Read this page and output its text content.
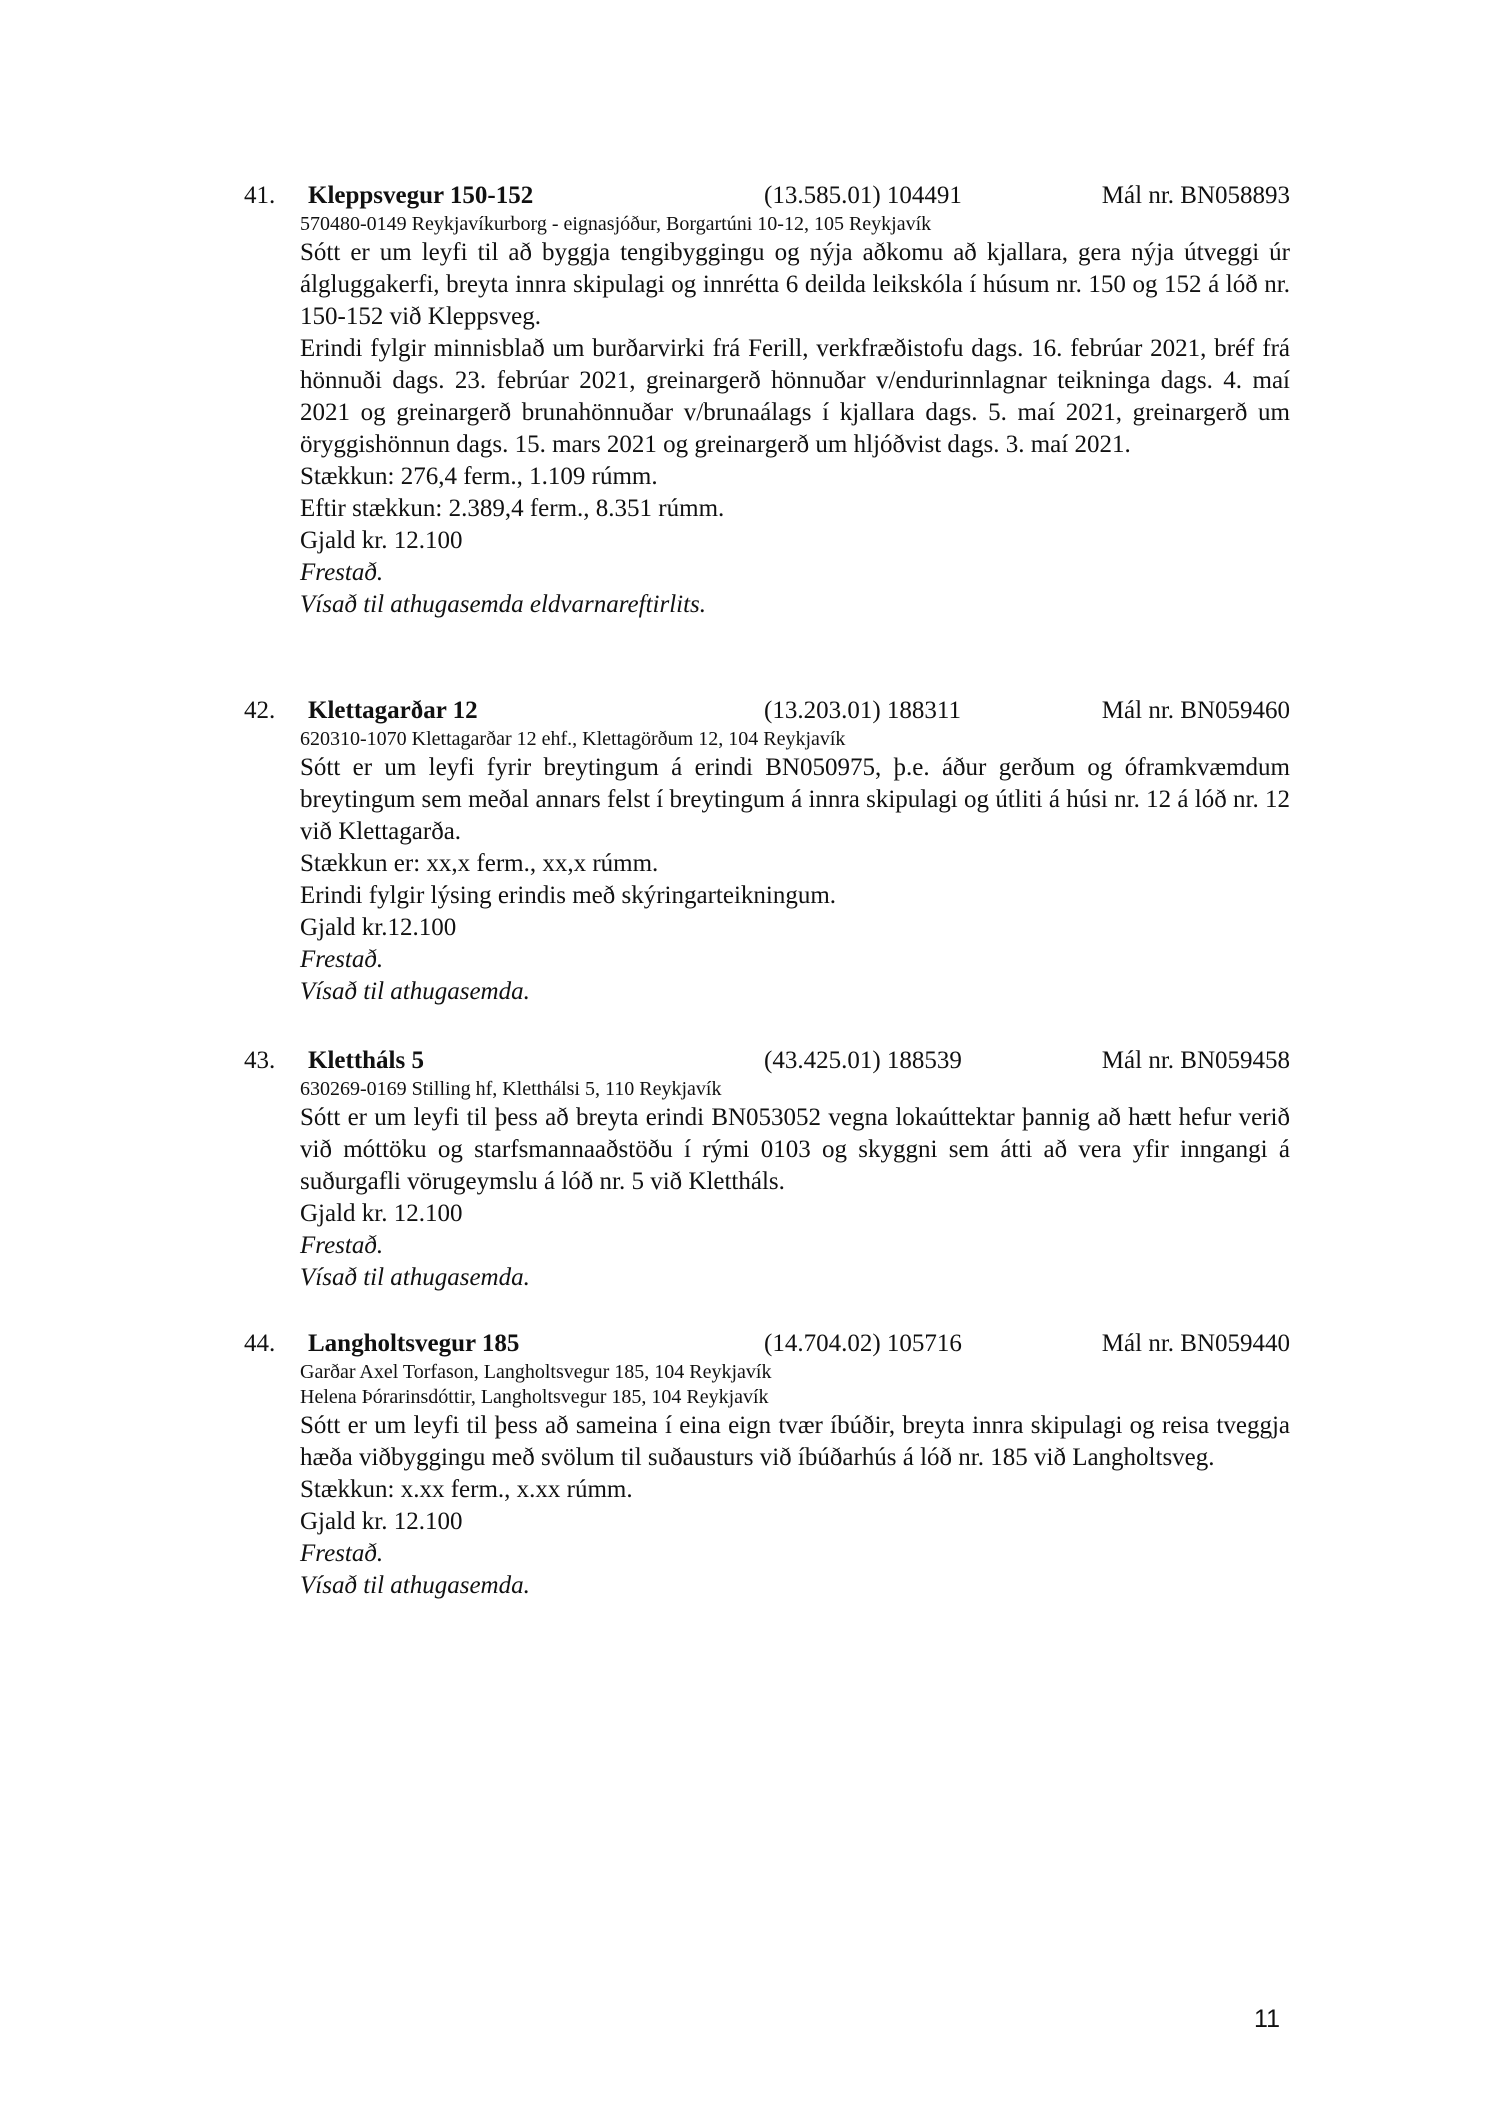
41. Kleppsvegur 150-152	(13.585.01) 104491	Mál nr. BN058893
570480-0149 Reykjavíkurborg - eignasjóður, Borgartúni 10-12, 105 Reykjavík
Sótt er um leyfi til að byggja tengibyggingu og nýja aðkomu að kjallara, gera nýja útveggi úr álgluggakerfi, breyta innra skipulagi og innrétta 6 deilda leikskóla í húsum nr. 150 og 152 á lóð nr. 150-152 við Kleppsveg.
Erindi fylgir minnisblað um burðarvirki frá Ferill, verkfræðistofu dags. 16. febrúar 2021, bréf frá hönnuði dags. 23. febrúar 2021, greinargerð hönnuðar v/endurinnlagnar teikninga dags. 4. maí 2021 og greinargerð brunahönnuðar v/brunaálags í kjallara dags. 5. maí 2021, greinargerð um öryggishönnun dags. 15. mars 2021 og greinargerð um hljóðvist dags. 3. maí 2021.
Stækkun: 276,4 ferm., 1.109 rúmm.
Eftir stækkun: 2.389,4 ferm., 8.351 rúmm.
Gjald kr. 12.100
Frestað.
Vísað til athugasemda eldvarnareftirlits.
42. Klettagarðar 12	(13.203.01) 188311	Mál nr. BN059460
620310-1070 Klettagarðar 12 ehf., Klettagörðum 12, 104 Reykjavík
Sótt er um leyfi fyrir breytingum á erindi BN050975, þ.e. áður gerðum og óframkvæmdum breytingum sem meðal annars felst í breytingum á innra skipulagi og útliti á húsi nr. 12 á lóð nr. 12 við Klettagarða.
Stækkun er: xx,x ferm., xx,x rúmm.
Erindi fylgir lýsing erindis með skýringarteikningum.
Gjald kr.12.100
Frestað.
Vísað til athugasemda.
43. Klettháls 5	(43.425.01) 188539	Mál nr. BN059458
630269-0169 Stilling hf, Kletthálsi 5, 110 Reykjavík
Sótt er um leyfi til þess að breyta erindi BN053052 vegna lokaúttektar þannig að hætt hefur verið við móttöku og starfsmannaaðstöðu í rými 0103 og skyggni sem átti að vera yfir inngangi á suðurgafli vörugeymslu á lóð nr. 5 við Klettháls.
Gjald kr. 12.100
Frestað.
Vísað til athugasemda.
44. Langholtsvegur 185	(14.704.02) 105716	Mál nr. BN059440
Garðar Axel Torfason, Langholtsvegur 185, 104 Reykjavík
Helena Þórarinsdóttir, Langholtsvegur 185, 104 Reykjavík
Sótt er um leyfi til þess að sameina í eina eign tvær íbúðir, breyta innra skipulagi og reisa tveggja hæða viðbyggingu með svölum til suðausturs við íbúðarhús á lóð nr. 185 við Langholtsveg.
Stækkun: x.xx ferm., x.xx rúmm.
Gjald kr. 12.100
Frestað.
Vísað til athugasemda.
11
